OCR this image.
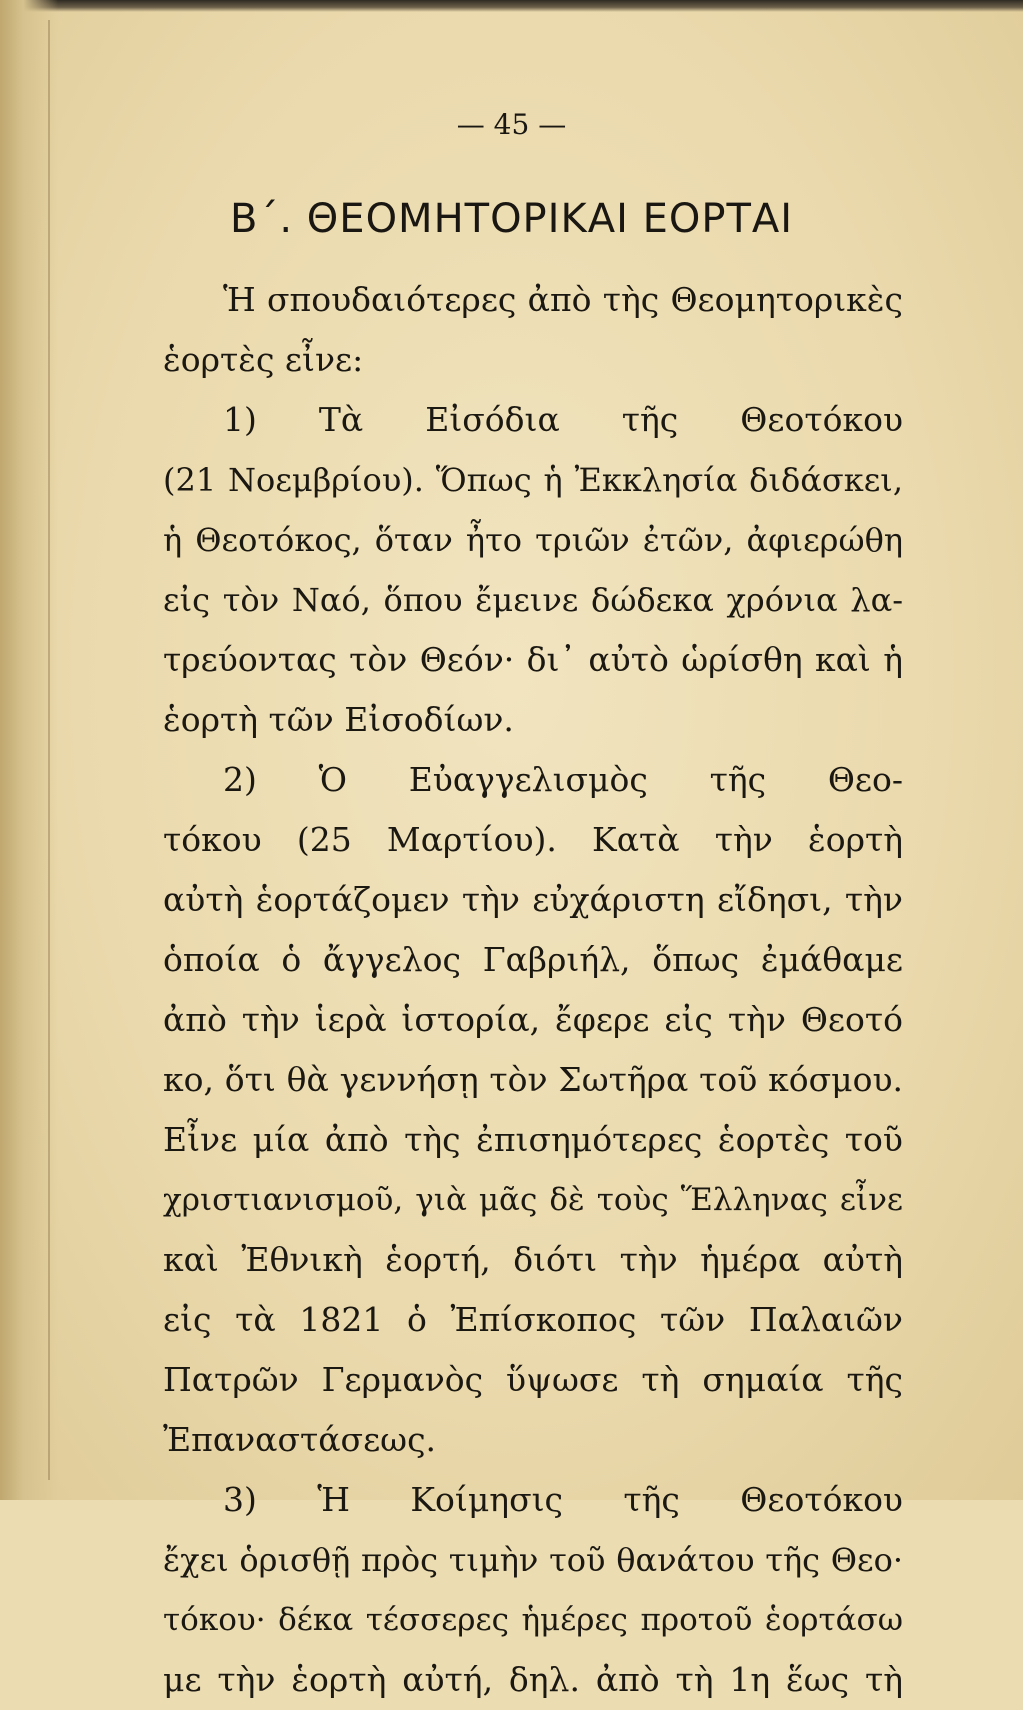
— 45 —
Β΄. ΘΕΟΜΗΤΟΡΙΚΑΙ ΕΟΡΤΑΙ
Ἡ σπουδαιότερες ἀπὸ τὴς Θεομητορικὲς
ἑορτὲς εἶνε:
1) Τὰ Εἰσόδια τῆς Θεοτόκου
(21 Νοεμβρίου). Ὅπως ἡ Ἐκκλησία διδάσκει,
ἡ Θεοτόκος, ὅταν ἦτο τριῶν ἐτῶν, ἀφιερώθη
εἰς τὸν Ναό, ὅπου ἔμεινε δώδεκα χρόνια λα-
τρεύοντας τὸν Θεόν· δι᾽ αὐτὸ ὡρίσθη καὶ ἡ
ἑορτὴ τῶν Εἰσοδίων.
2) Ὁ Εὐαγγελισμὸς τῆς Θεο-
τόκου (25 Μαρτίου). Κατὰ τὴν ἑορτὴ
αὐτὴ ἑορτάζομεν τὴν εὐχάριστη εἴδησι, τὴν
ὁποία ὁ ἄγγελος Γαβριήλ, ὅπως ἐμάθαμε
ἀπὸ τὴν ἱερὰ ἱστορία, ἔφερε εἰς τὴν Θεοτό
κο, ὅτι θὰ γεννήσῃ τὸν Σωτῆρα τοῦ κόσμου.
Εἶνε μία ἀπὸ τὴς ἐπισημότερες ἑορτὲς τοῦ
χριστιανισμοῦ, γιὰ μᾶς δὲ τοὺς Ἕλληνας εἶνε
καὶ Ἐθνικὴ ἑορτή, διότι τὴν ἡμέρα αὐτὴ
εἰς τὰ 1821 ὁ Ἐπίσκοπος τῶν Παλαιῶν
Πατρῶν Γερμανὸς ὕψωσε τὴ σημαία τῆς
Ἐπαναστάσεως.
3) Ἡ Κοίμησις τῆς Θεοτόκου
ἔχει ὁρισθῇ πρὸς τιμὴν τοῦ θανάτου τῆς Θεο·
τόκου· δέκα τέσσερες ἡμέρες προτοῦ ἑορτάσω
με τὴν ἑορτὴ αὐτή, δηλ. ἀπὸ τὴ 1η ἕως τὴ
